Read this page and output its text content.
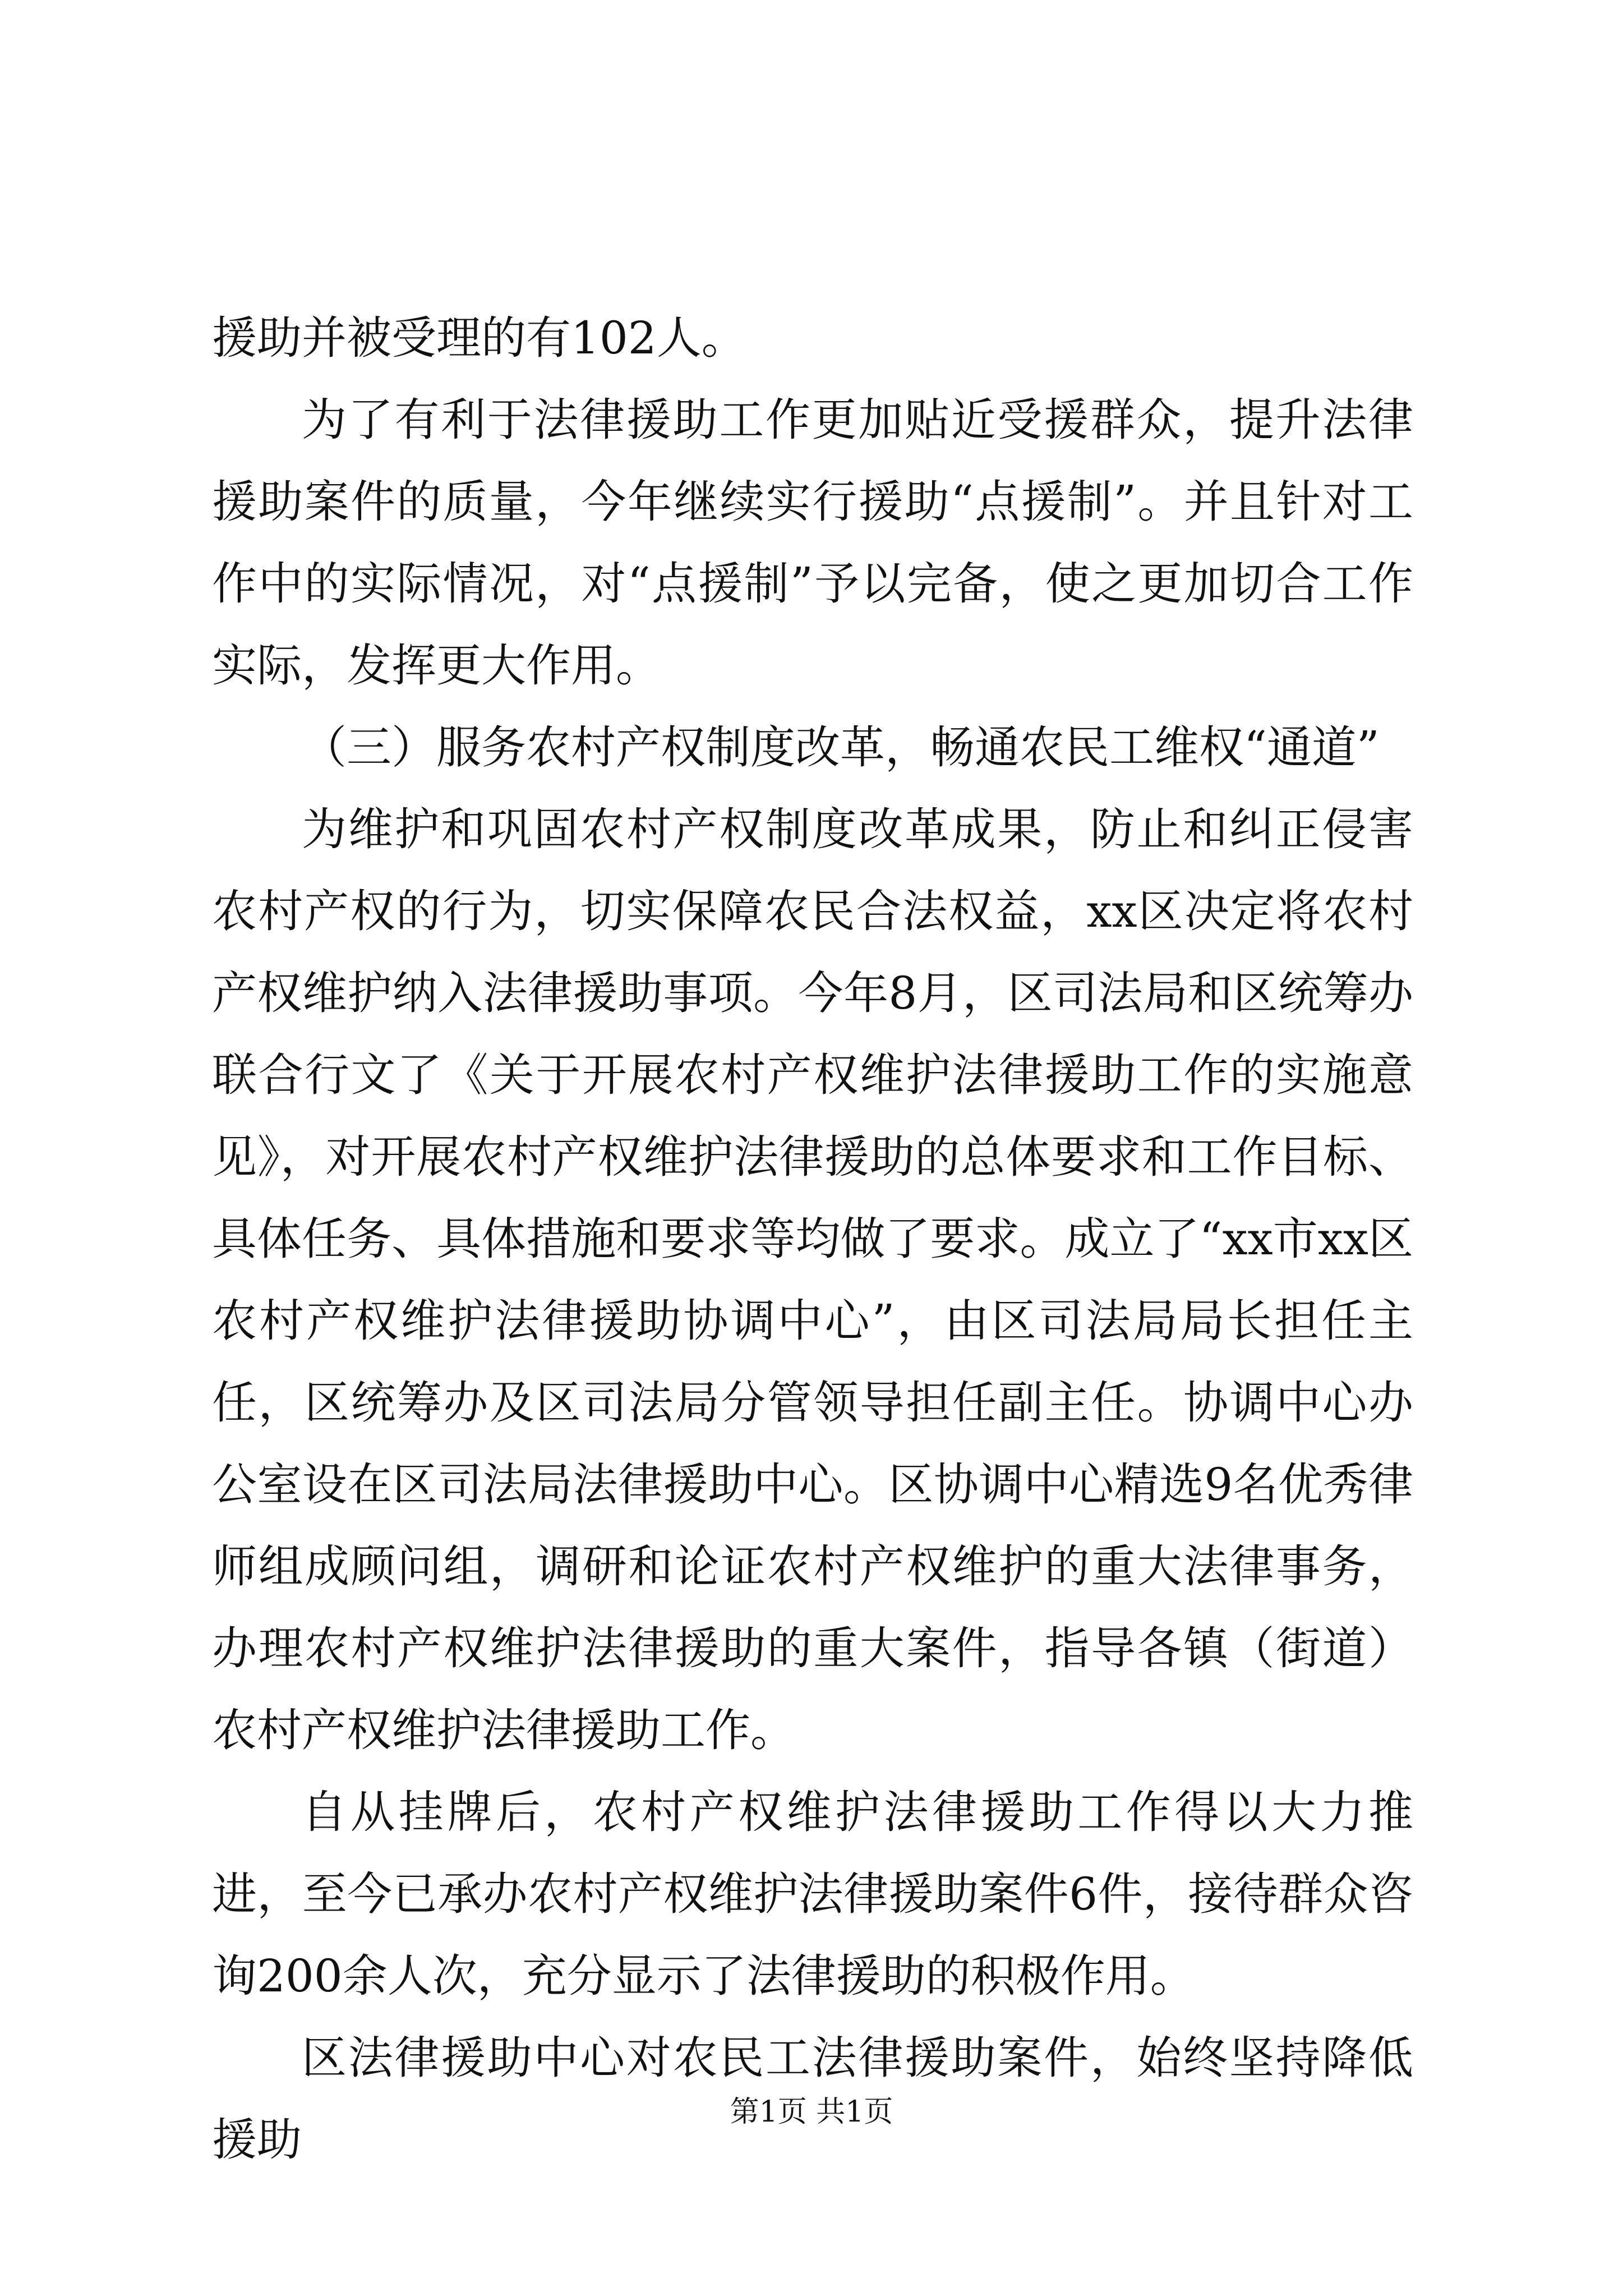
援助并被受理的有102人。

为了有利于法律援助工作更加贴近受援群众，提升法律援助案件的质量，今年继续实行援助“点援制”。并且针对工作中的实际情况，对“点援制”予以完备，使之更加切合工作实际，发挥更大作用。

（三）服务农村产权制度改革，畅通农民工维权“通道”

为维护和巩固农村产权制度改革成果，防止和纠正侵害农村产权的行为，切实保障农民合法权益，xx区决定将农村产权维护纳入法律援助事项。今年8月，区司法局和区统筹办联合行文了《关于开展农村产权维护法律援助工作的实施意见》，对开展农村产权维护法律援助的总体要求和工作目标、具体任务、具体措施和要求等均做了要求。成立了“xx市xx区农村产权维护法律援助协调中心”，由区司法局局长担任主任，区统筹办及区司法局分管领导担任副主任。协调中心办公室设在区司法局法律援助中心。区协调中心精选9名优秀律师组成顾问组，调研和论证农村产权维护的重大法律事务，办理农村产权维护法律援助的重大案件，指导各镇（街道）农村产权维护法律援助工作。

自从挂牌后，农村产权维护法律援助工作得以大力推进，至今已承办农村产权维护法律援助案件6件，接待群众咨询200余人次，充分显示了法律援助的积极作用。

区法律援助中心对农民工法律援助案件，始终坚持降低援助

第1页 共1页
